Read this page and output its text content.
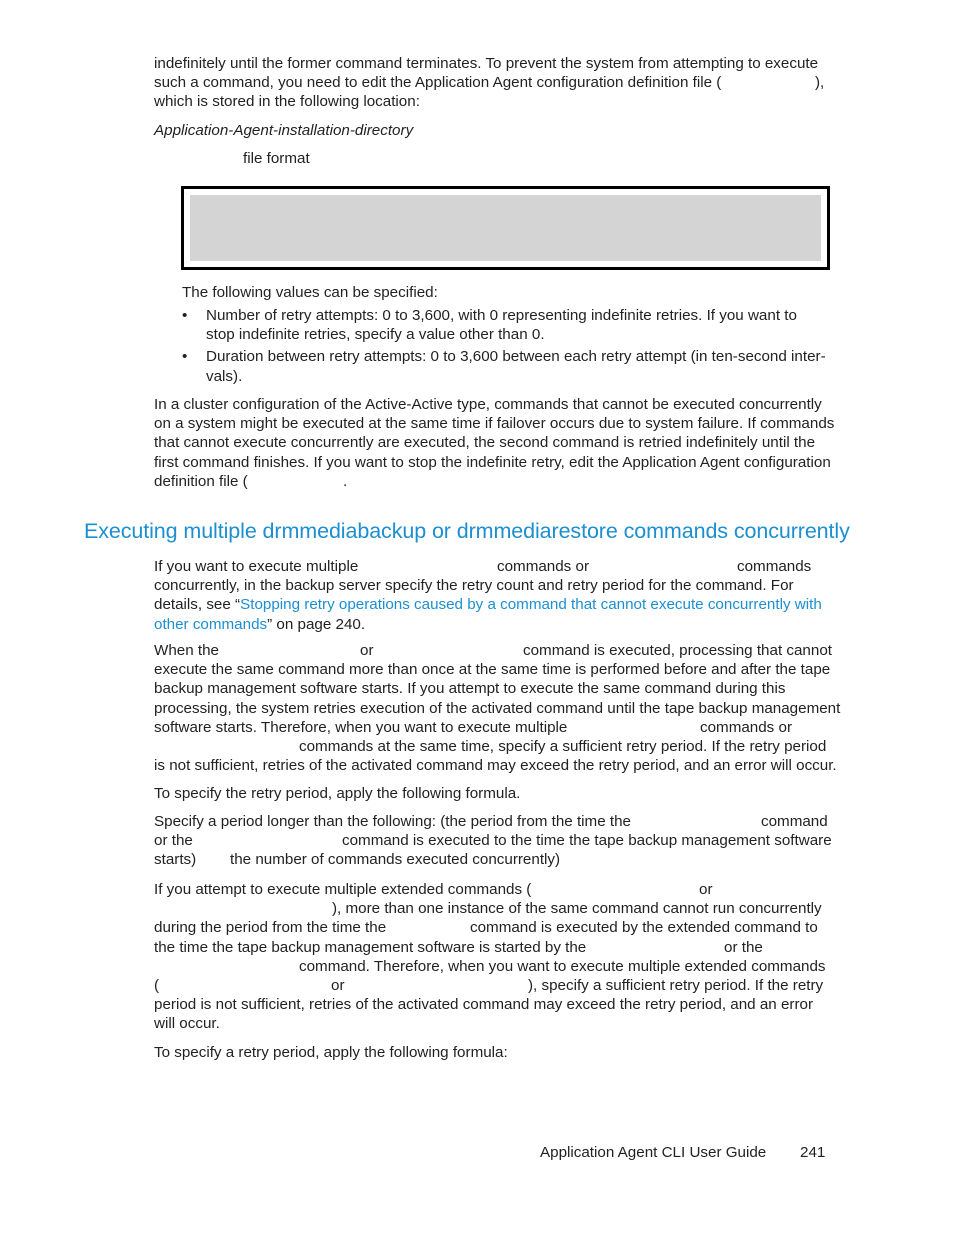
indefinitely until the former command terminates. To prevent the system from attempting to execute
such a command, you need to edit the Application Agent configuration definition file (	),
which is stored in the following location:
Application-Agent-installation-directory
file format
The following values can be specified:
• Number of retry attempts: 0 to 3,600, with 0 representing indefinite retries. If you want to
stop indefinite retries, specify a value other than 0.
• Duration between retry attempts: 0 to 3,600 between each retry attempt (in ten-second inter-
vals).
In a cluster configuration of the Active-Active type, commands that cannot be executed concurrently
on a system might be executed at the same time if failover occurs due to system failure. If commands
that cannot execute concurrently are executed, the second command is retried indefinitely until the
first command finishes. If you want to stop the indefinite retry, edit the Application Agent configuration
definition file (	.
Executing multiple drmmediabackup or drmmediarestore commands concurrently
If you want to execute multiple	commands or	commands
concurrently, in the backup server specify the retry count and retry period for the command. For
details, see “Stopping retry operations caused by a command that cannot execute concurrently with
other commands” on page 240.
When the	or	command is executed, processing that cannot
execute the same command more than once at the same time is performed before and after the tape
backup management software starts. If you attempt to execute the same command during this
processing, the system retries execution of the activated command until the tape backup management
software starts. Therefore, when you want to execute multiple	commands or
commands at the same time, specify a sufficient retry period. If the retry period
is not sufficient, retries of the activated command may exceed the retry period, and an error will occur.
To specify the retry period, apply the following formula.
Specify a period longer than the following: (the period from the time the	command
or the	command is executed to the time the tape backup management software
starts) the number of commands executed concurrently)
If you attempt to execute multiple extended commands (	or
), more than one instance of the same command cannot run concurrently
during the period from the time the	command is executed by the extended command to
the time the tape backup management software is started by the	or the
command. Therefore, when you want to execute multiple extended commands
(	or	), specify a sufficient retry period. If the retry
period is not sufficient, retries of the activated command may exceed the retry period, and an error
will occur.
To specify a retry period, apply the following formula:
Application Agent CLI User Guide 241
